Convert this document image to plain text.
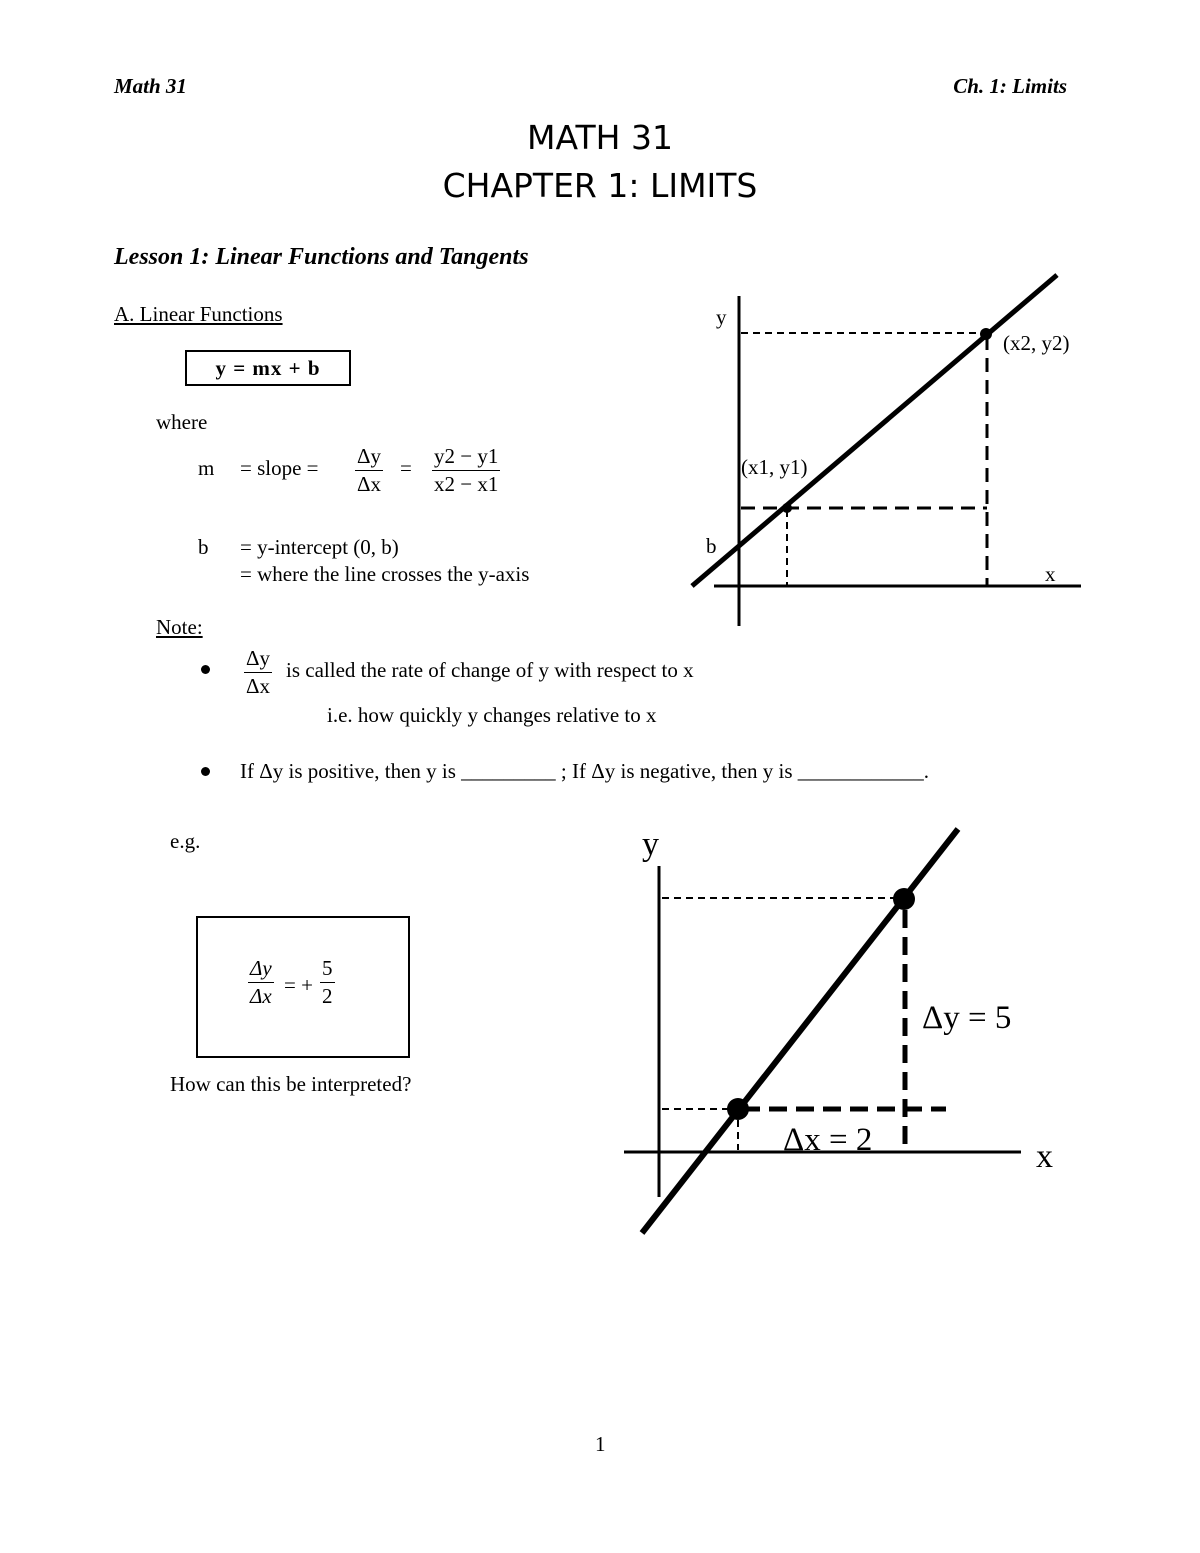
Math 31	Ch. 1: Limits
MATH 31
CHAPTER 1: LIMITS
Lesson 1: Linear Functions and Tangents
A. Linear Functions
y = mx + b
where
m = slope = $\frac{\Delta y}{\Delta x} = \frac{y2 - y1}{x2 - x1}$
b = y-intercept (0, b)
= where the line crosses the y-axis
Note:
$\frac{\Delta y}{\Delta x}$ is called the rate of change of y with respect to x
i.e. how quickly y changes relative to x
If Δy is positive, then y is _________ ; If Δy is negative, then y is ____________.
e.g.
$\frac{\Delta y}{\Delta x}$ = + $\frac{5}{2}$
How can this be interpreted?
y
x
b
(x1, y1)
(x2, y2)
y
x
Δy = 5
Δx = 2
1
